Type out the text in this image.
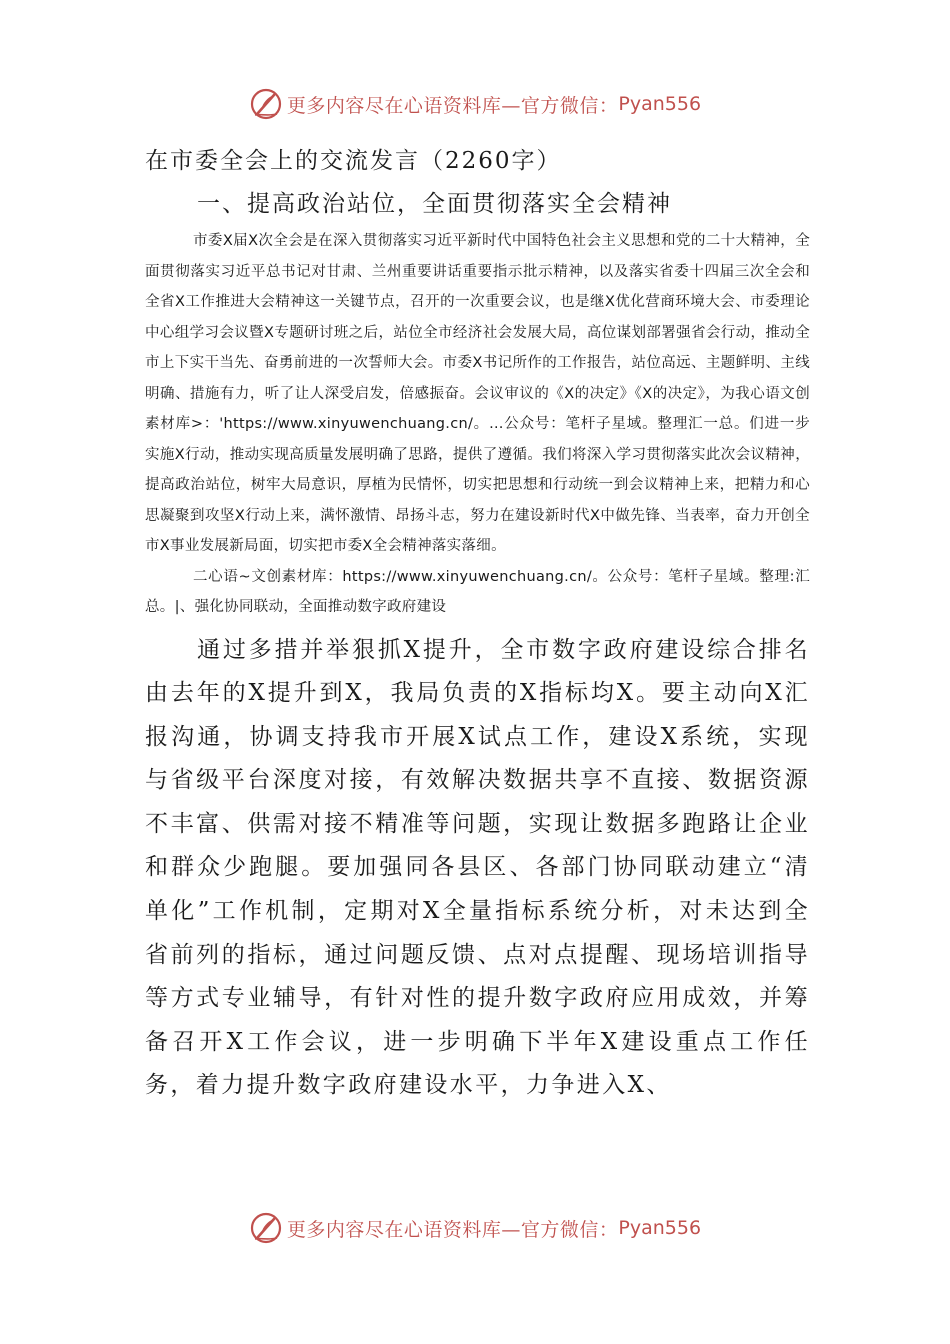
更多内容尽在心语资料库—官方微信： Pyan556

在市委全会上的交流发言（2260字）

一、提高政治站位，全面贯彻落实全会精神

市委X届X次全会是在深入贯彻落实习近平新时代中国特色社会主义思想和党的二十大精神，全面贯彻落实习近平总书记对甘肃、兰州重要讲话重要指示批示精神，以及落实省委十四届三次全会和全省X工作推进大会精神这一关键节点，召开的一次重要会议，也是继X优化营商环境大会、市委理论中心组学习会议暨X专题研讨班之后，站位全市经济社会发展大局，高位谋划部署强省会行动，推动全市上下实干当先、奋勇前进的一次誓师大会。市委X书记所作的工作报告，站位高远、主题鲜明、主线明确、措施有力，听了让人深受启发，倍感振奋。会议审议的《X的决定》《X的决定》，为我心语文创素材库>：'https://www.xinyuwenchuang.cn/。…公众号：笔杆子星域。整理汇一总。们进一步实施X行动，推动实现高质量发展明确了思路，提供了遵循。我们将深入学习贯彻落实此次会议精神，提高政治站位，树牢大局意识，厚植为民情怀，切实把思想和行动统一到会议精神上来，把精力和心思凝聚到攻坚X行动上来，满怀激情、昂扬斗志，努力在建设新时代X中做先锋、当表率，奋力开创全市X事业发展新局面，切实把市委X全会精神落实落细。

二心语~文创素材库：https://www.xinyuwenchuang.cn/。公众号：笔杆子星域。整理:汇总。|、强化协同联动，全面推动数字政府建设

通过多措并举狠抓X提升，全市数字政府建设综合排名由去年的X提升到X，我局负责的X指标均X。要主动向X汇报沟通，协调支持我市开展X试点工作，建设X系统，实现与省级平台深度对接，有效解决数据共享不直接、数据资源不丰富、供需对接不精准等问题，实现让数据多跑路让企业和群众少跑腿。要加强同各县区、各部门协同联动建立“清单化”工作机制，定期对X全量指标系统分析，对未达到全省前列的指标，通过问题反馈、点对点提醒、现场培训指导等方式专业辅导，有针对性的提升数字政府应用成效，并筹备召开X工作会议，进一步明确下半年X建设重点工作任务，着力提升数字政府建设水平，力争进入X、

更多内容尽在心语资料库—官方微信： Pyan556
